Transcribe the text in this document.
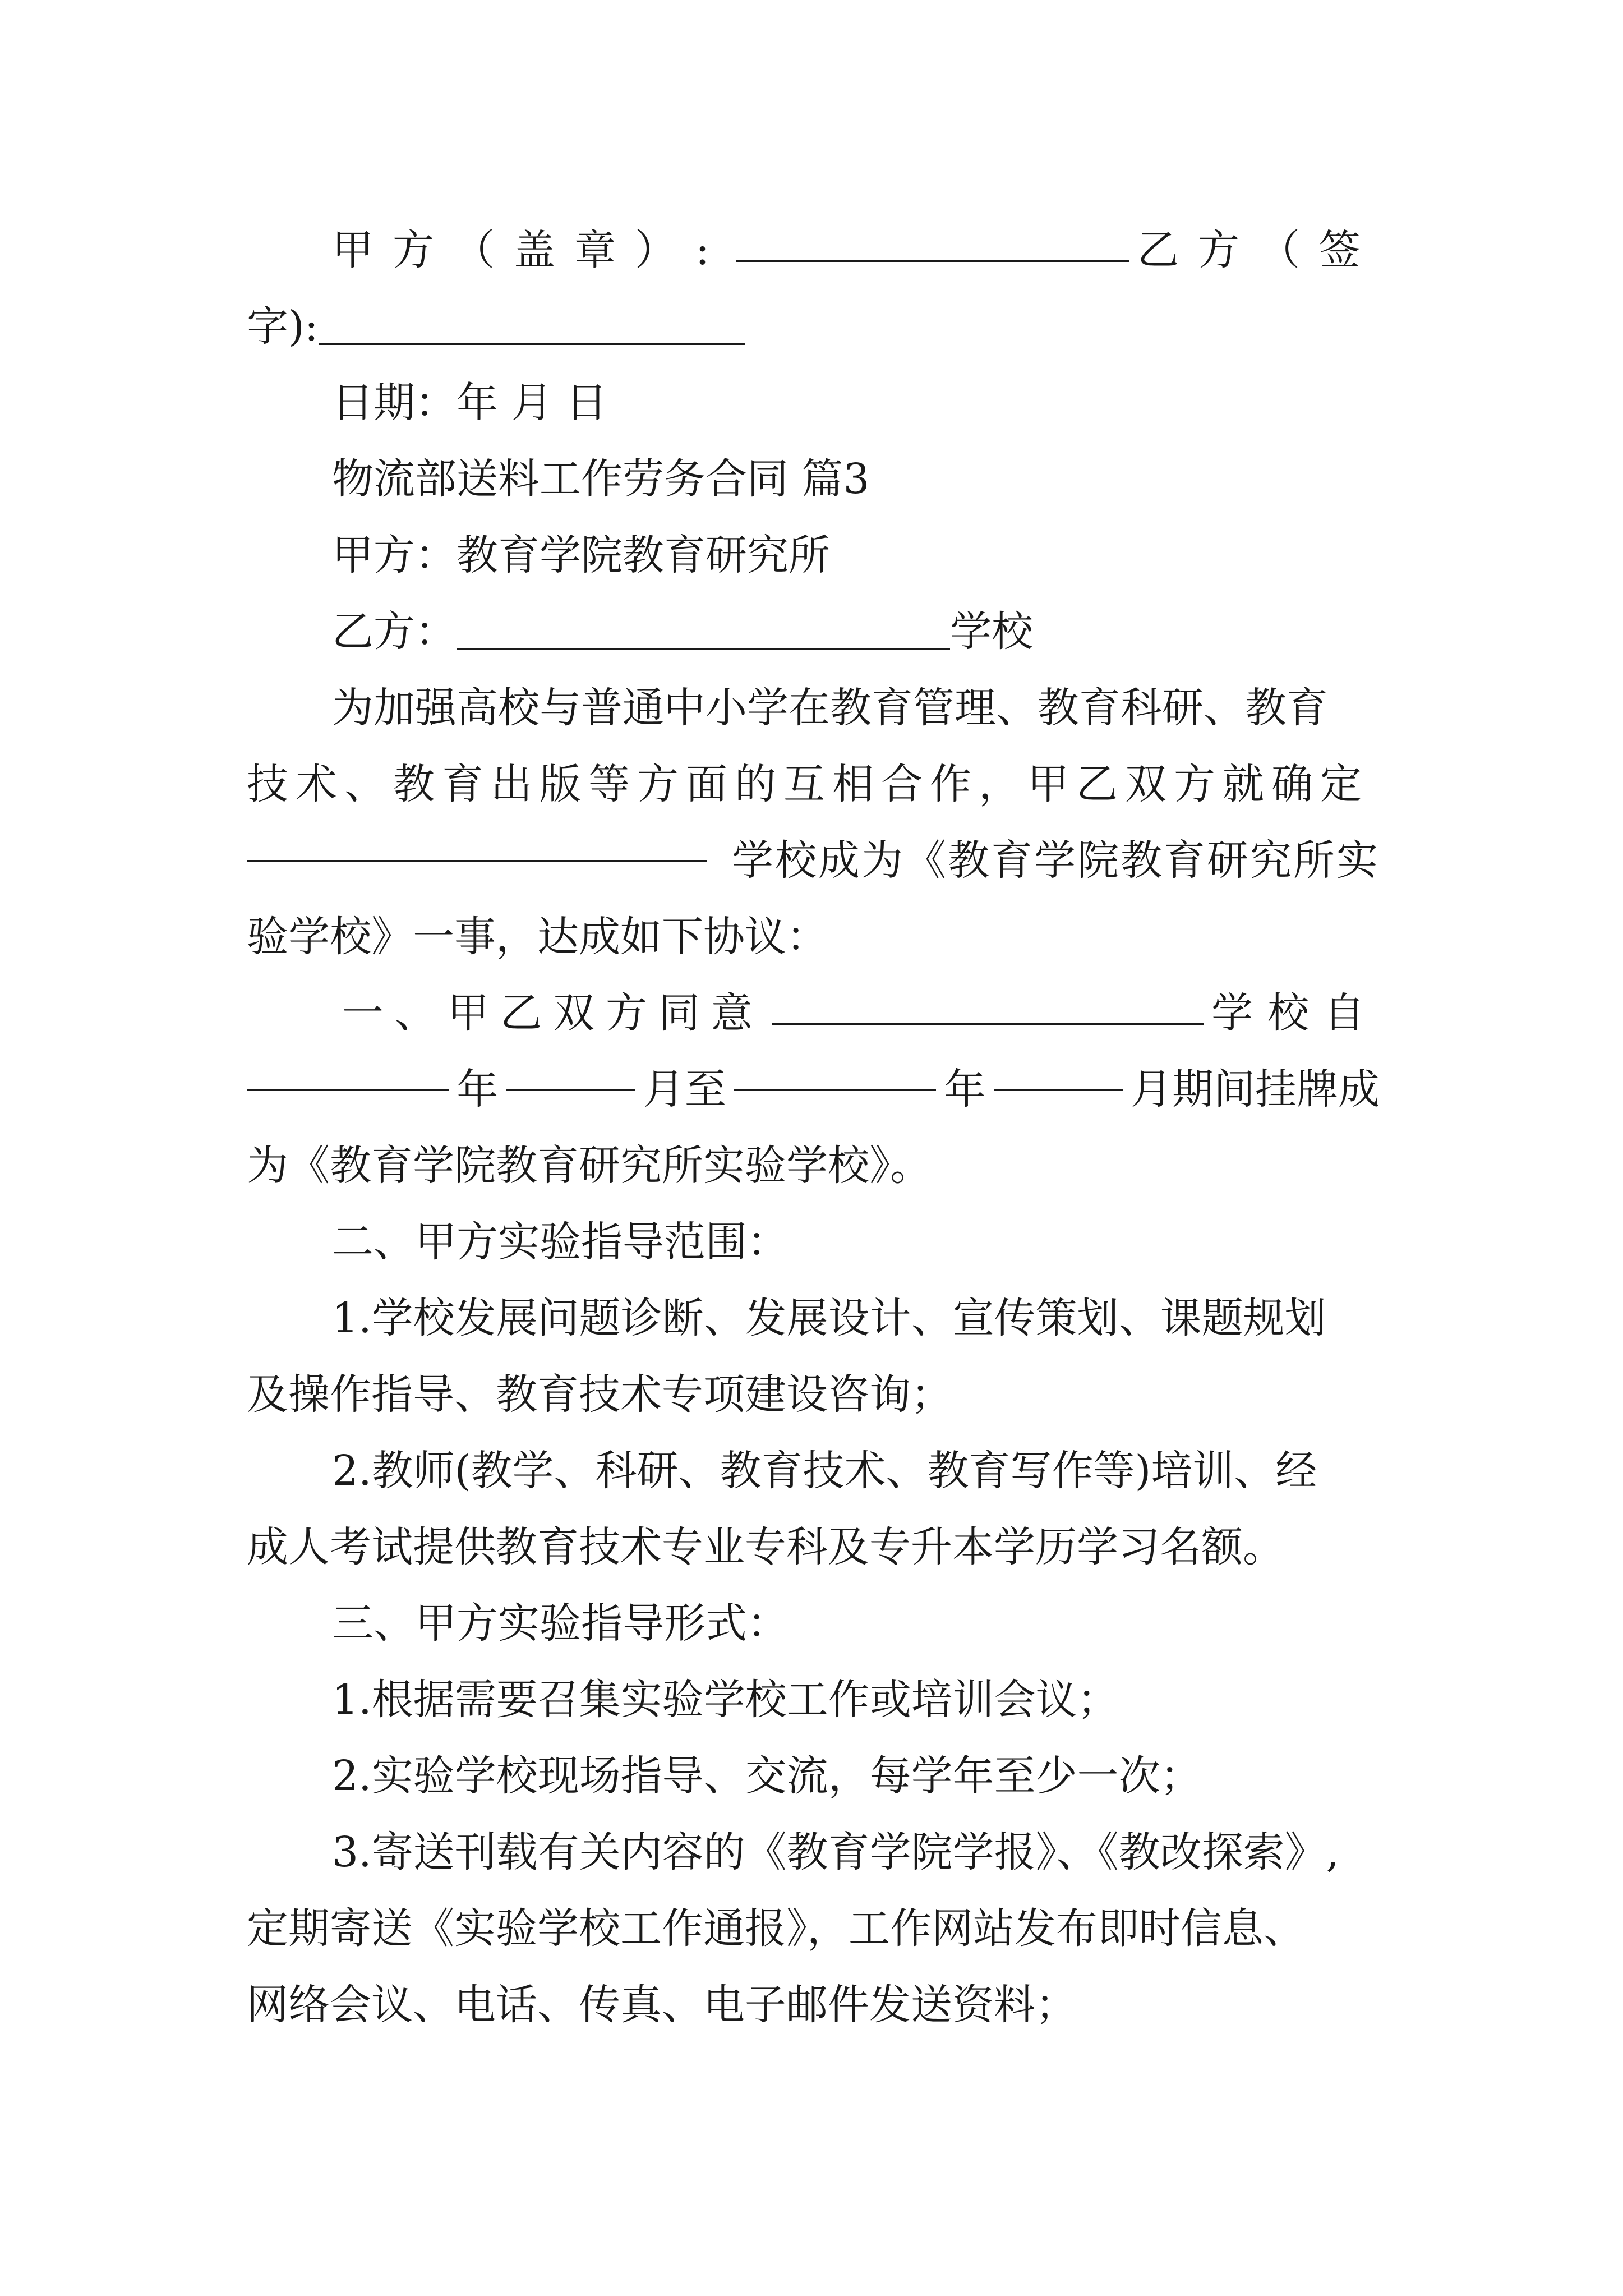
甲方（盖章）:	乙方（签
字):
日期：年 月 日
物流部送料工作劳务合同 篇3
甲方：教育学院教育研究所
乙方：	学校
为加强高校与普通中小学在教育管理、教育科研、教育
技术、教育出版等方面的互相合作，甲乙双方就确定
学校成为《教育学院教育研究所实
验学校》一事，达成如下协议：
一、甲乙双方同意	学校自
年	月至	年	月期间挂牌成
为《教育学院教育研究所实验学校》。
二、甲方实验指导范围：
1.学校发展问题诊断、发展设计、宣传策划、课题规划
及操作指导、教育技术专项建设咨询；
2.教师(教学、科研、教育技术、教育写作等)培训、经
成人考试提供教育技术专业专科及专升本学历学习名额。
三、甲方实验指导形式：
1.根据需要召集实验学校工作或培训会议；
2.实验学校现场指导、交流，每学年至少一次；
3.寄送刊载有关内容的《教育学院学报》、《教改探索》,
定期寄送《实验学校工作通报》，工作网站发布即时信息、
网络会议、电话、传真、电子邮件发送资料；
